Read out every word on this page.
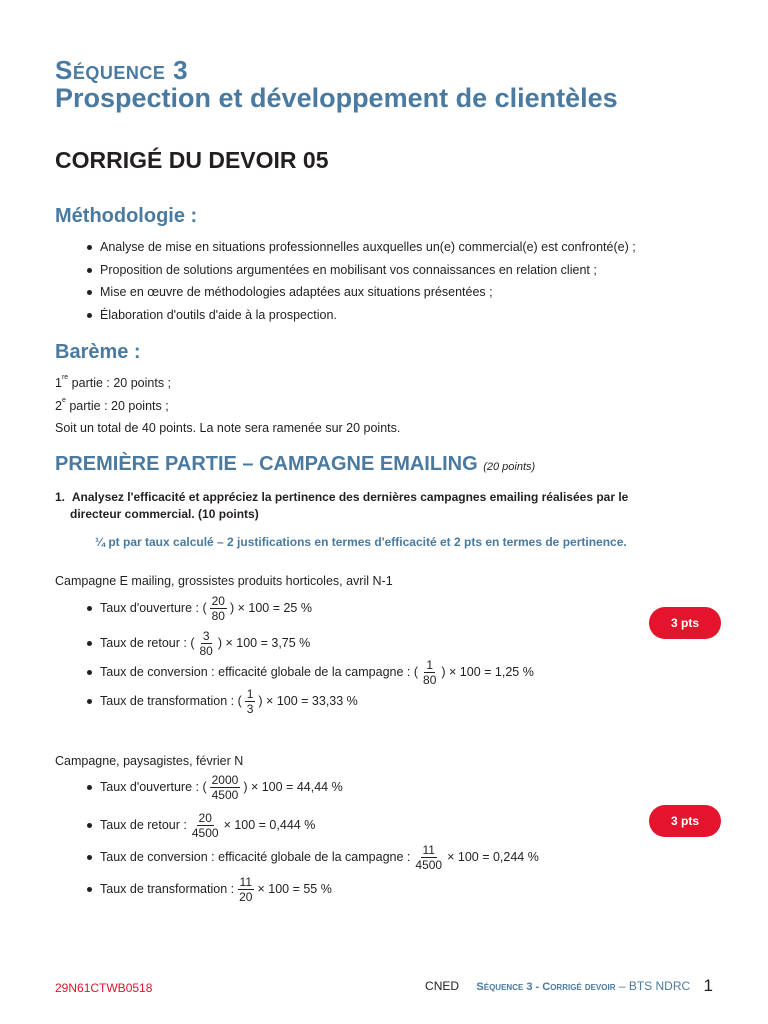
Séquence 3
Prospection et développement de clientèles
CORRIGÉ DU DEVOIR 05
Méthodologie :
Analyse de mise en situations professionnelles auxquelles un(e) commercial(e) est confronté(e) ;
Proposition de solutions argumentées en mobilisant vos connaissances en relation client ;
Mise en œuvre de méthodologies adaptées aux situations présentées ;
Élaboration d'outils d'aide à la prospection.
Barème :
1re partie : 20 points ;
2e partie : 20 points ;
Soit un total de 40 points. La note sera ramenée sur 20 points.
PREMIÈRE PARTIE – CAMPAGNE EMAILING (20 points)
1. Analysez l'efficacité et appréciez la pertinence des dernières campagnes emailing réalisées par le
directeur commercial. (10 points)
¼ pt par taux calculé – 2 justifications en termes d'efficacité et 2 pts en termes de pertinence.
Campagne E mailing, grossistes produits horticoles, avril N-1
Taux d'ouverture : ( $\frac{20}{80}$ ) × 100 = 25 %
Taux de retour : ( $\frac{3}{80}$ ) × 100 = 3,75 %
Taux de conversion : efficacité globale de la campagne : ( $\frac{1}{80}$ ) × 100 = 1,25 %
Taux de transformation : ( $\frac{1}{3}$ ) × 100 = 33,33 %
3 pts
Campagne, paysagistes, février N
Taux d'ouverture : ( $\frac{2000}{4500}$ ) × 100 = 44,44 %
Taux de retour : $\frac{20}{4500} \times 100 = 0,444$ %
Taux de conversion : efficacité globale de la campagne : $\frac{11}{4500} \times 100 = 0,244$ %
Taux de transformation : $\frac{11}{20} \times 100 = 55$ %
3 pts
29N61CTWB0518	CNED Séquence 3 - Corrigé devoir – BTS NDRC 1
